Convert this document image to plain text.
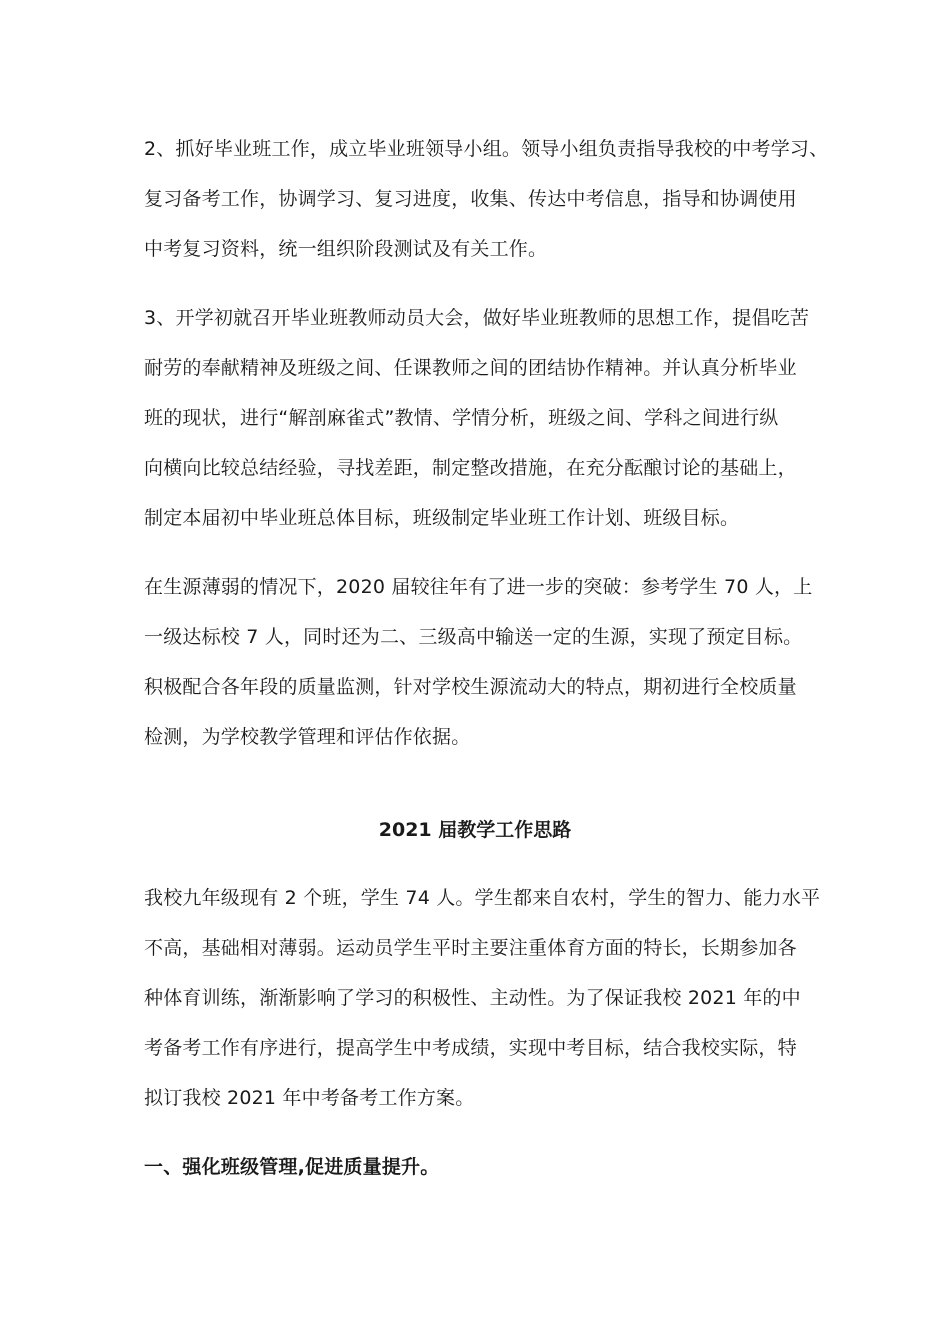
2、抓好毕业班工作，成立毕业班领导小组。领导小组负责指导我校的中考学习、
复习备考工作，协调学习、复习进度，收集、传达中考信息，指导和协调使用
中考复习资料，统一组织阶段测试及有关工作。
3、开学初就召开毕业班教师动员大会，做好毕业班教师的思想工作，提倡吃苦
耐劳的奉献精神及班级之间、任课教师之间的团结协作精神。并认真分析毕业
班的现状，进行“解剖麻雀式”教情、学情分析，班级之间、学科之间进行纵
向横向比较总结经验，寻找差距，制定整改措施，在充分酝酿讨论的基础上，
制定本届初中毕业班总体目标，班级制定毕业班工作计划、班级目标。
在生源薄弱的情况下，2020 届较往年有了进一步的突破：参考学生 70 人，上
一级达标校 7 人，同时还为二、三级高中输送一定的生源，实现了预定目标。
积极配合各年段的质量监测，针对学校生源流动大的特点，期初进行全校质量
检测，为学校教学管理和评估作依据。
2021 届教学工作思路
我校九年级现有 2 个班，学生 74 人。学生都来自农村，学生的智力、能力水平
不高，基础相对薄弱。运动员学生平时主要注重体育方面的特长，长期参加各
种体育训练，渐渐影响了学习的积极性、主动性。为了保证我校 2021 年的中
考备考工作有序进行，提高学生中考成绩，实现中考目标，结合我校实际，特
拟订我校 2021 年中考备考工作方案。
一、强化班级管理,促进质量提升。
